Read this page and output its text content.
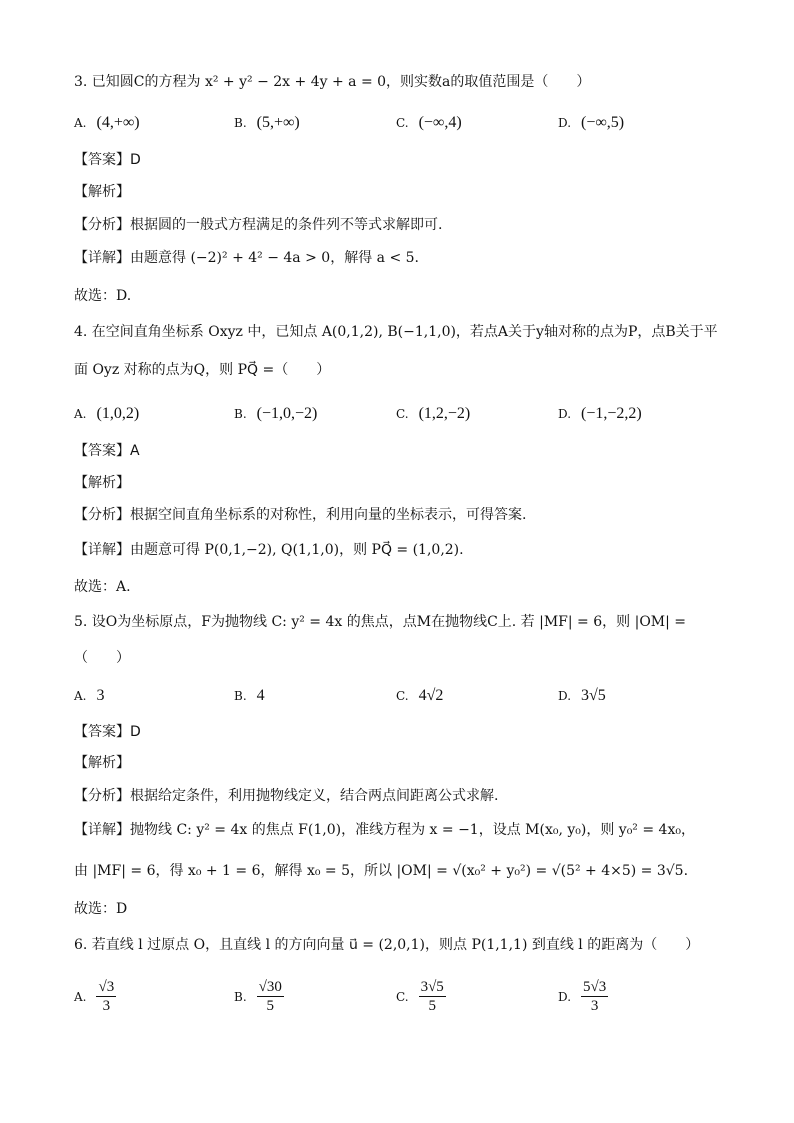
3. 已知圆C的方程为 x² + y² − 2x + 4y + a = 0，则实数a的取值范围是（　　）
A. (4,+∞)	B. (5,+∞)	C. (−∞,4)	D. (−∞,5)
【答案】D
【解析】
【分析】根据圆的一般式方程满足的条件列不等式求解即可.
【详解】由题意得 (−2)² + 4² − 4a > 0，解得 a < 5.
故选：D.
4. 在空间直角坐标系 Oxyz 中，已知点 A(0,1,2), B(−1,1,0)，若点A关于y轴对称的点为P，点B关于平
面 Oyz 对称的点为Q，则 PQ⃗ =（　　）
A. (1,0,2)	B. (−1,0,−2)	C. (1,2,−2)	D. (−1,−2,2)
【答案】A
【解析】
【分析】根据空间直角坐标系的对称性，利用向量的坐标表示，可得答案.
【详解】由题意可得 P(0,1,−2), Q(1,1,0)，则 PQ⃗ = (1,0,2).
故选：A.
5. 设O为坐标原点，F为抛物线 C: y² = 4x 的焦点，点M在抛物线C上. 若 |MF| = 6，则 |OM| =
（　　）
A. 3	B. 4	C. 4√2	D. 3√5
【答案】D
【解析】
【分析】根据给定条件，利用抛物线定义，结合两点间距离公式求解.
【详解】抛物线 C: y² = 4x 的焦点 F(1,0)，准线方程为 x = −1，设点 M(x₀, y₀)，则 y₀² = 4x₀，
由 |MF| = 6，得 x₀ + 1 = 6，解得 x₀ = 5，所以 |OM| = √(x₀² + y₀²) = √(5² + 4×5) = 3√5.
故选：D
6. 若直线 l 过原点 O，且直线 l 的方向向量 u⃗ = (2,0,1)，则点 P(1,1,1) 到直线 l 的距离为（　　）
A. $\frac{√3}{3}$	B. $\frac{√30}{5}$	C. $\frac{3√5}{5}$	D. $\frac{5√3}{3}$
